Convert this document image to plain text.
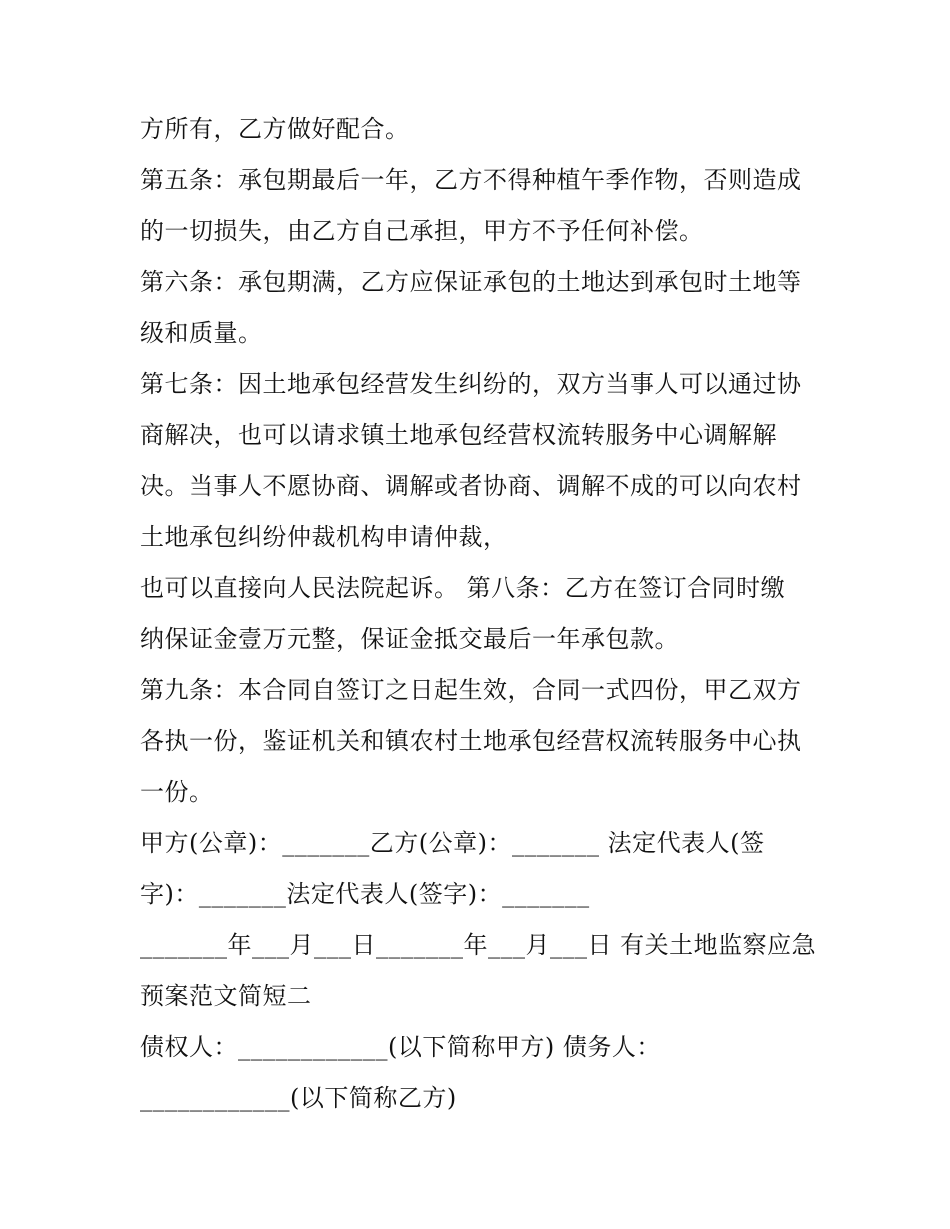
方所有，乙方做好配合。
第五条：承包期最后一年，乙方不得种植午季作物，否则造成
的一切损失，由乙方自己承担，甲方不予任何补偿。
第六条：承包期满，乙方应保证承包的土地达到承包时土地等
级和质量。
第七条：因土地承包经营发生纠纷的，双方当事人可以通过协
商解决，也可以请求镇土地承包经营权流转服务中心调解解
决。当事人不愿协商、调解或者协商、调解不成的可以向农村
土地承包纠纷仲裁机构申请仲裁，
也可以直接向人民法院起诉。 第八条：乙方在签订合同时缴
纳保证金壹万元整，保证金抵交最后一年承包款。
第九条：本合同自签订之日起生效，合同一式四份，甲乙双方
各执一份，鉴证机关和镇农村土地承包经营权流转服务中心执
一份。
甲方(公章)：_______乙方(公章)：_______ 法定代表人(签
字)：_______法定代表人(签字)：_______
_______年___月___日_______年___月___日 有关土地监察应急
预案范文简短二
债权人：____________(以下简称甲方) 债务人：
____________(以下简称乙方)
